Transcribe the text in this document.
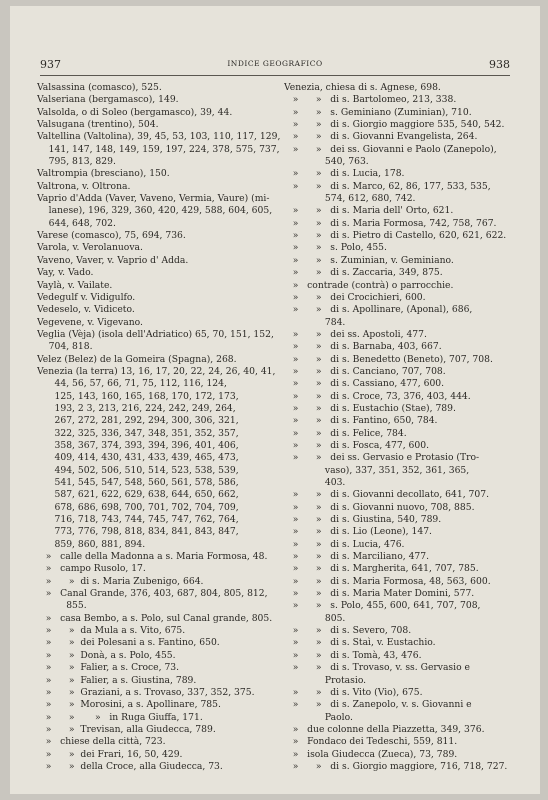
937	INDICE GEOGRAFICO	938
Valsassina (comasco), 525.
Valseriana (bergamasco), 149.
Valsolda, o di Soleo (bergamasco), 39, 44.
Valsugana (trentino), 504.
Valtellina (Valtolina), 39, 45, 53, 103, 110, 117, 129,
141, 147, 148, 149, 159, 197, 224, 378, 575, 737,
795, 813, 829.
Valtrompia (bresciano), 150.
Valtrona, v. Oltrona.
Vaprio d'Adda (Vaver, Vaveno, Vermia, Vaure) (mi-
lanese), 196, 329, 360, 420, 429, 588, 604, 605,
644, 648, 702.
Varese (comasco), 75, 694, 736.
Varola, v. Verolanuova.
Vaveno, Vaver, v. Vaprio d' Adda.
Vay, v. Vado.
Vaylà, v. Vailate.
Vedegulf v. Vidigulfo.
Vedeselo, v. Vidiceto.
Vegevene, v. Vigevano.
Veglia (Vèja) (isola dell'Adriatico) 65, 70, 151, 152,
704, 818.
Velez (Belez) de la Gomeira (Spagna), 268.
Venezia (la terra) 13, 16, 17, 20, 22, 24, 26, 40, 41,
44, 56, 57, 66, 71, 75, 112, 116, 124,
125, 143, 160, 165, 168, 170, 172, 173,
193, 2 3, 213, 216, 224, 242, 249, 264,
267, 272, 281, 292, 294, 300, 306, 321,
322, 325, 336, 347, 348, 351, 352, 357,
358, 367, 374, 393, 394, 396, 401, 406,
409, 414, 430, 431, 433, 439, 465, 473,
494, 502, 506, 510, 514, 523, 538, 539,
541, 545, 547, 548, 560, 561, 578, 586,
587, 621, 622, 629, 638, 644, 650, 662,
678, 686, 698, 700, 701, 702, 704, 709,
716, 718, 743, 744, 745, 747, 762, 764,
773, 776, 798, 818, 834, 841, 843, 847,
859, 860, 881, 894.
»   calle della Madonna a s. Maria Formosa, 48.
»   campo Rusolo, 17.
»      »  di s. Maria Zubenigo, 664.
»   Canal Grande, 376, 403, 687, 804, 805, 812,
855.
»   casa Bembo, a s. Polo, sul Canal grande, 805.
»      »  da Mula a s. Vito, 675.
»      »  dei Polesani a s. Fantino, 650.
»      »  Donà, a s. Polo, 455.
»      »  Falier, a s. Croce, 73.
»      »  Falier, a s. Giustina, 789.
»      »  Graziani, a s. Trovaso, 337, 352, 375.
»      »  Morosini, a s. Apollinare, 785.
»      »       »   in Ruga Giuffa, 171.
»      »  Trevisan, alla Giudecca, 789.
»   chiese della città, 723.
»      »  dei Frari, 16, 50, 429.
»      »  della Croce, alla Giudecca, 73.
Venezia, chiesa di s. Agnese, 698.
»      »   di s. Bartolomeo, 213, 338.
»      »   s. Geminiano (Zuminian), 710.
»      »   di s. Giorgio maggiore 535, 540, 542.
»      »   di s. Giovanni Evangelista, 264.
»      »   dei ss. Giovanni e Paolo (Zanepolo),
540, 763.
»      »   di s. Lucia, 178.
»      »   di s. Marco, 62, 86, 177, 533, 535,
574, 612, 680, 742.
»      »   di s. Maria dell' Orto, 621.
»      »   di s. Maria Formosa, 742, 758, 767.
»      »   di s. Pietro di Castello, 620, 621, 622.
»      »   s. Polo, 455.
»      »   s. Zuminian, v. Geminiano.
»      »   di s. Zaccaria, 349, 875.
»   contrade (contrà) o parrocchie.
»      »   dei Crocichieri, 600.
»      »   di s. Apollinare, (Aponal), 686,
784.
»      »   dei ss. Apostoli, 477.
»      »   di s. Barnaba, 403, 667.
»      »   di s. Benedetto (Beneto), 707, 708.
»      »   di s. Canciano, 707, 708.
»      »   di s. Cassiano, 477, 600.
»      »   di s. Croce, 73, 376, 403, 444.
»      »   di s. Eustachio (Stae), 789.
»      »   di s. Fantino, 650, 784.
»      »   di s. Felice, 784.
»      »   di s. Fosca, 477, 600.
»      »   dei ss. Gervasio e Protasio (Tro-
vaso), 337, 351, 352, 361, 365,
403.
»      »   di s. Giovanni decollato, 641, 707.
»      »   di s. Giovanni nuovo, 708, 885.
»      »   di s. Giustina, 540, 789.
»      »   di s. Lio (Leone), 147.
»      »   di s. Lucia, 476.
»      »   di s. Marciliano, 477.
»      »   di s. Margherita, 641, 707, 785.
»      »   di s. Maria Formosa, 48, 563, 600.
»      »   di s. Maria Mater Domini, 577.
»      »   s. Polo, 455, 600, 641, 707, 708,
805.
»      »   di s. Severo, 708.
»      »   di s. Staì, v. Eustachio.
»      »   di s. Tomà, 43, 476.
»      »   di s. Trovaso, v. ss. Gervasio e
Protasio.
»      »   di s. Vito (Vio), 675.
»      »   di s. Zanepolo, v. s. Giovanni e
Paolo.
»   due colonne della Piazzetta, 349, 376.
»   Fondaco dei Tedeschi, 559, 811.
»   isola Giudecca (Zueca), 73, 789.
»      »   di s. Giorgio maggiore, 716, 718, 727.
